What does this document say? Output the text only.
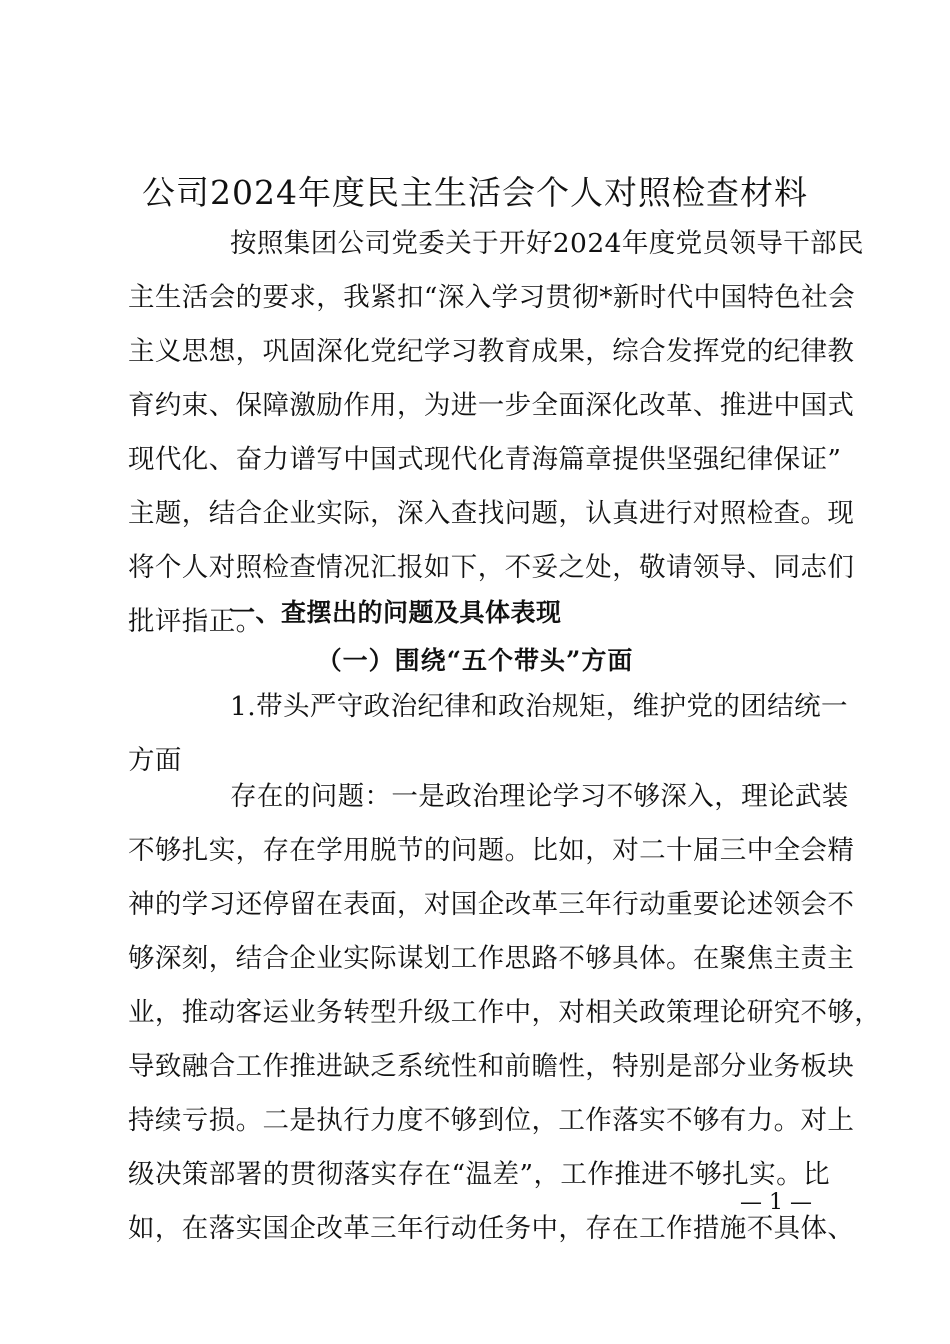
公司2024年度民主生活会个人对照检查材料
按照集团公司党委关于开好2024年度党员领导干部民
主生活会的要求，我紧扣“深入学习贯彻*新时代中国特色社会
主义思想，巩固深化党纪学习教育成果，综合发挥党的纪律教
育约束、保障激励作用，为进一步全面深化改革、推进中国式
现代化、奋力谱写中国式现代化青海篇章提供坚强纪律保证”
主题，结合企业实际，深入查找问题，认真进行对照检查。现
将个人对照检查情况汇报如下，不妥之处，敬请领导、同志们
批评指正。
一、查摆出的问题及具体表现
（一）围绕“五个带头”方面
1.带头严守政治纪律和政治规矩，维护党的团结统一
方面
存在的问题：一是政治理论学习不够深入，理论武装
不够扎实，存在学用脱节的问题。比如，对二十届三中全会精
神的学习还停留在表面，对国企改革三年行动重要论述领会不
够深刻，结合企业实际谋划工作思路不够具体。在聚焦主责主
业，推动客运业务转型升级工作中，对相关政策理论研究不够，
导致融合工作推进缺乏系统性和前瞻性，特别是部分业务板块
持续亏损。二是执行力度不够到位，工作落实不够有力。对上
级决策部署的贯彻落实存在“温差”，工作推进不够扎实。比
如，在落实国企改革三年行动任务中，存在工作措施不具体、
— 1 —
